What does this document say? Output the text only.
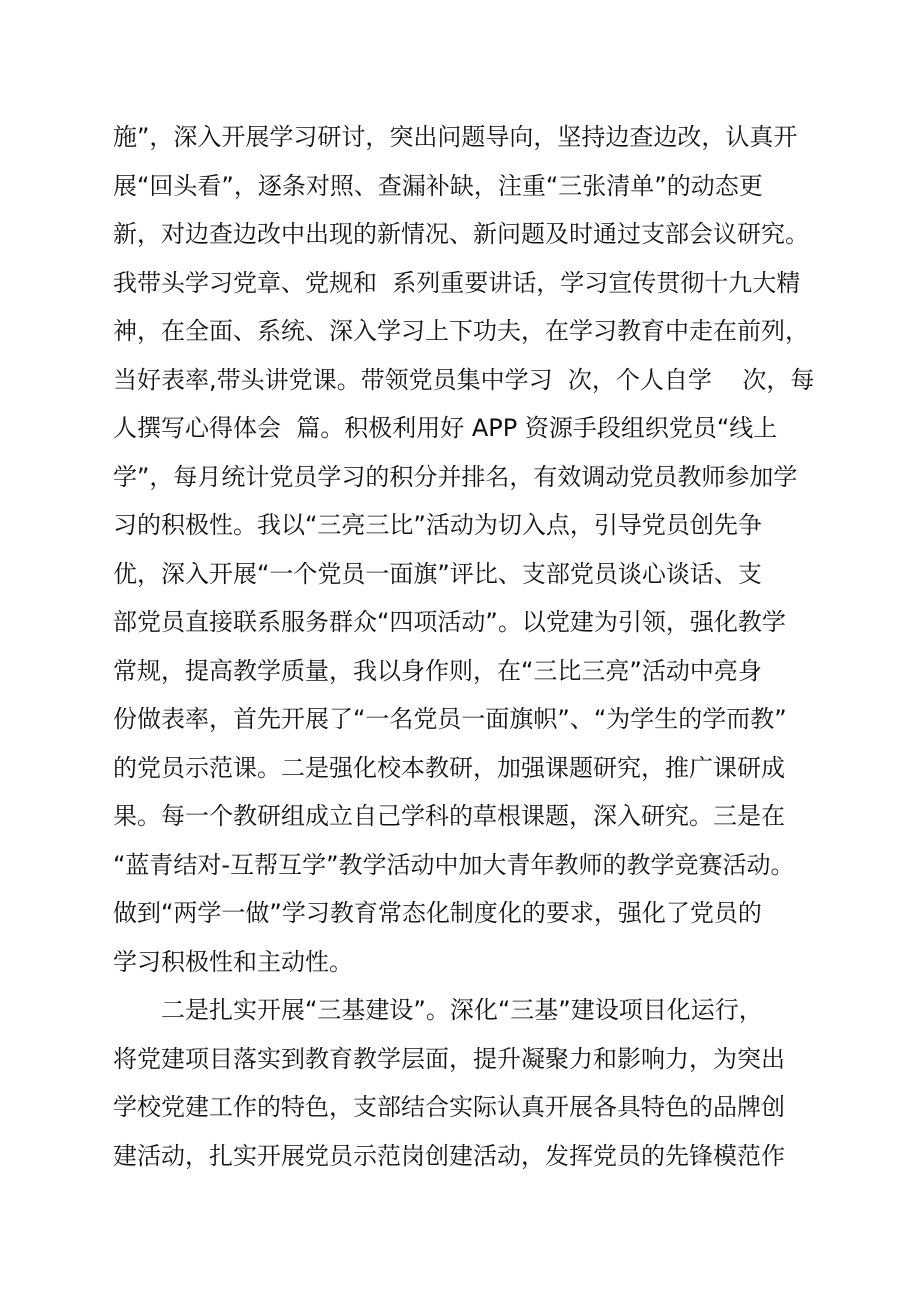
施”，深入开展学习研讨，突出问题导向，坚持边查边改，认真开
展“回头看”，逐条对照、查漏补缺，注重“三张清单”的动态更
新，对边查边改中出现的新情况、新问题及时通过支部会议研究。
我带头学习党章、党规和  系列重要讲话，学习宣传贯彻十九大精
神，在全面、系统、深入学习上下功夫，在学习教育中走在前列，
当好表率,带头讲党课。带领党员集中学习  次，个人自学    次，每
人撰写心得体会  篇。积极利用好 APP 资源手段组织党员“线上
学”，每月统计党员学习的积分并排名，有效调动党员教师参加学
习的积极性。我以“三亮三比”活动为切入点，引导党员创先争
优，深入开展“一个党员一面旗”评比、支部党员谈心谈话、支
部党员直接联系服务群众“四项活动”。以党建为引领，强化教学
常规，提高教学质量，我以身作则，在“三比三亮”活动中亮身
份做表率，首先开展了“一名党员一面旗帜”、“为学生的学而教”
的党员示范课。二是强化校本教研，加强课题研究，推广课研成
果。每一个教研组成立自己学科的草根课题，深入研究。三是在
“蓝青结对-互帮互学”教学活动中加大青年教师的教学竞赛活动。
做到“两学一做”学习教育常态化制度化的要求，强化了党员的
学习积极性和主动性。
二是扎实开展“三基建设”。深化“三基”建设项目化运行，
将党建项目落实到教育教学层面，提升凝聚力和影响力，为突出
学校党建工作的特色，支部结合实际认真开展各具特色的品牌创
建活动，扎实开展党员示范岗创建活动，发挥党员的先锋模范作
